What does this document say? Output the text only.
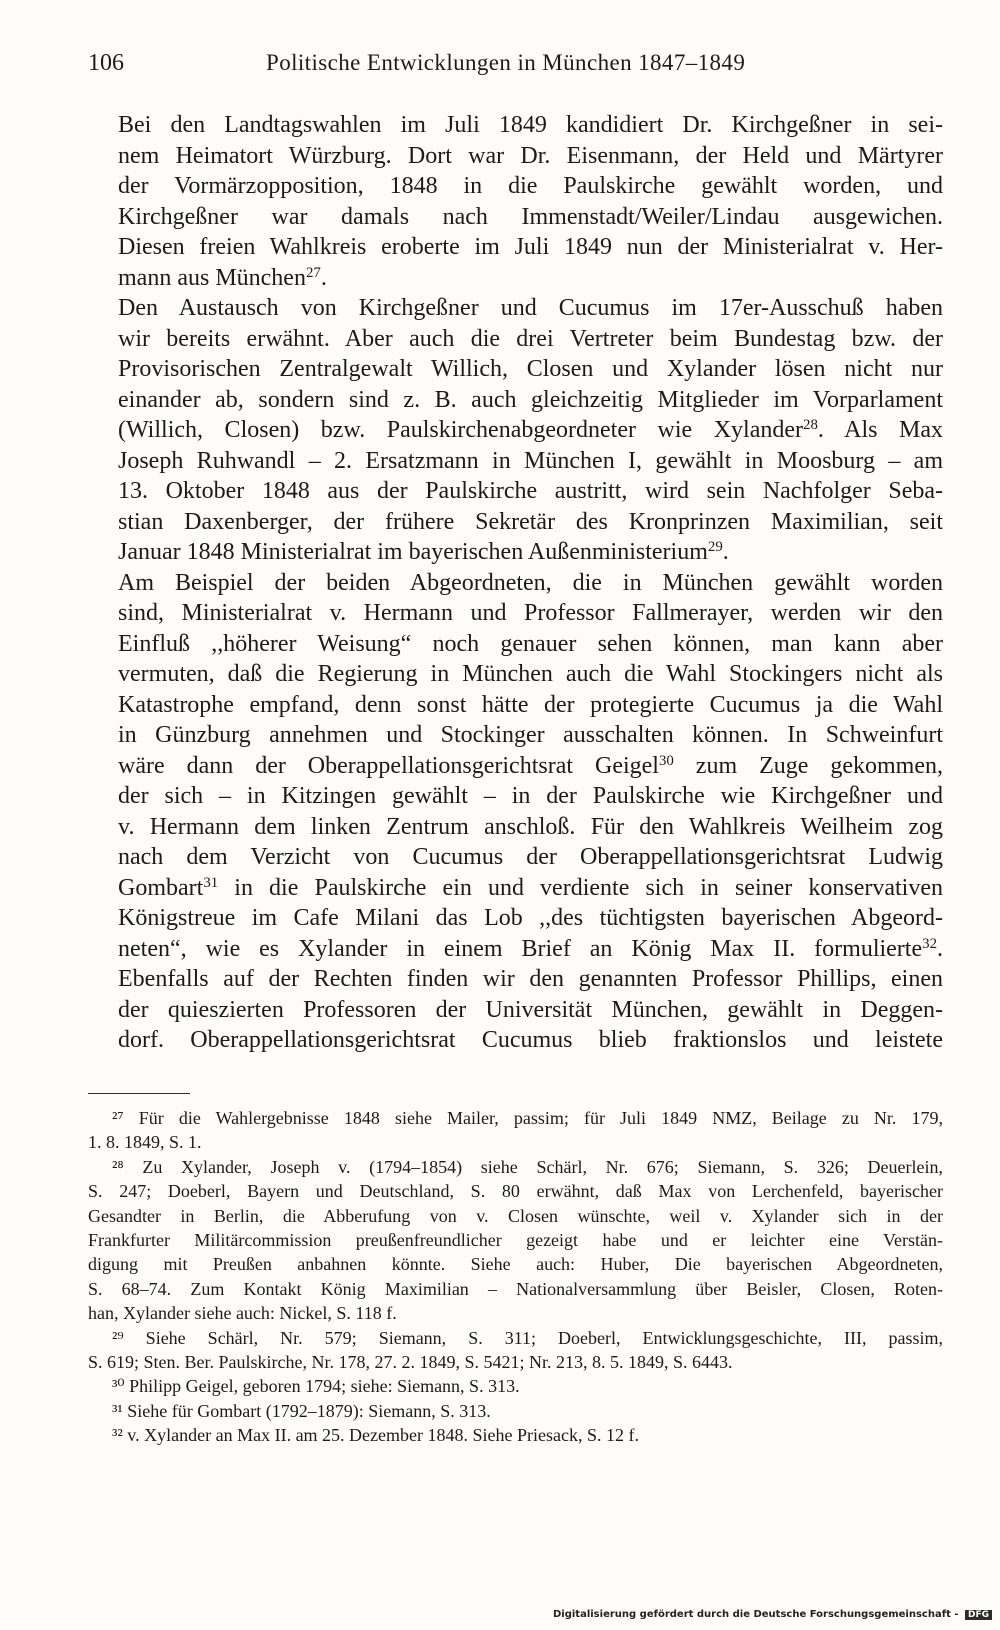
106	Politische Entwicklungen in München 1847–1849
Bei den Landtagswahlen im Juli 1849 kandidiert Dr. Kirchgeßner in sei-
nem Heimatort Würzburg. Dort war Dr. Eisenmann, der Held und Märtyrer
der Vormärzopposition, 1848 in die Paulskirche gewählt worden, und
Kirchgeßner war damals nach Immenstadt/Weiler/Lindau ausgewichen.
Diesen freien Wahlkreis eroberte im Juli 1849 nun der Ministerialrat v. Her-
mann aus München$^{27}$.
Den Austausch von Kirchgeßner und Cucumus im 17er-Ausschuß haben
wir bereits erwähnt. Aber auch die drei Vertreter beim Bundestag bzw. der
Provisorischen Zentralgewalt Willich, Closen und Xylander lösen nicht nur
einander ab, sondern sind z. B. auch gleichzeitig Mitglieder im Vorparlament
(Willich, Closen) bzw. Paulskirchenabgeordneter wie Xylander$^{28}$. Als Max
Joseph Ruhwandl – 2. Ersatzmann in München I, gewählt in Moosburg – am
13. Oktober 1848 aus der Paulskirche austritt, wird sein Nachfolger Seba-
stian Daxenberger, der frühere Sekretär des Kronprinzen Maximilian, seit
Januar 1848 Ministerialrat im bayerischen Außenministerium$^{29}$.
Am Beispiel der beiden Abgeordneten, die in München gewählt worden
sind, Ministerialrat v. Hermann und Professor Fallmerayer, werden wir den
Einfluß ,,höherer Weisung“ noch genauer sehen können, man kann aber
vermuten, daß die Regierung in München auch die Wahl Stockingers nicht als
Katastrophe empfand, denn sonst hätte der protegierte Cucumus ja die Wahl
in Günzburg annehmen und Stockinger ausschalten können. In Schweinfurt
wäre dann der Oberappellationsgerichtsrat Geigel$^{30}$ zum Zuge gekommen,
der sich – in Kitzingen gewählt – in der Paulskirche wie Kirchgeßner und
v. Hermann dem linken Zentrum anschloß. Für den Wahlkreis Weilheim zog
nach dem Verzicht von Cucumus der Oberappellationsgerichtsrat Ludwig
Gombart$^{31}$ in die Paulskirche ein und verdiente sich in seiner konservativen
Königstreue im Cafe Milani das Lob ,,des tüchtigsten bayerischen Abgeord-
neten“, wie es Xylander in einem Brief an König Max II. formulierte$^{32}$.
Ebenfalls auf der Rechten finden wir den genannten Professor Phillips, einen
der quieszierten Professoren der Universität München, gewählt in Deggen-
dorf. Oberappellationsgerichtsrat Cucumus blieb fraktionslos und leistete
²⁷ Für die Wahlergebnisse 1848 siehe Mailer, passim; für Juli 1849 NMZ, Beilage zu Nr. 179,
1. 8. 1849, S. 1.
²⁸ Zu Xylander, Joseph v. (1794–1854) siehe Schärl, Nr. 676; Siemann, S. 326; Deuerlein,
S. 247; Doeberl, Bayern und Deutschland, S. 80 erwähnt, daß Max von Lerchenfeld, bayerischer
Gesandter in Berlin, die Abberufung von v. Closen wünschte, weil v. Xylander sich in der
Frankfurter Militärcommission preußenfreundlicher gezeigt habe und er leichter eine Verstän-
digung mit Preußen anbahnen könnte. Siehe auch: Huber, Die bayerischen Abgeordneten,
S. 68–74. Zum Kontakt König Maximilian – Nationalversammlung über Beisler, Closen, Roten-
han, Xylander siehe auch: Nickel, S. 118 f.
²⁹ Siehe Schärl, Nr. 579; Siemann, S. 311; Doeberl, Entwicklungsgeschichte, III, passim,
S. 619; Sten. Ber. Paulskirche, Nr. 178, 27. 2. 1849, S. 5421; Nr. 213, 8. 5. 1849, S. 6443.
³⁰ Philipp Geigel, geboren 1794; siehe: Siemann, S. 313.
³¹ Siehe für Gombart (1792–1879): Siemann, S. 313.
³² v. Xylander an Max II. am 25. Dezember 1848. Siehe Priesack, S. 12 f.
Digitalisierung gefördert durch die Deutsche Forschungsgemeinschaft - DFG
